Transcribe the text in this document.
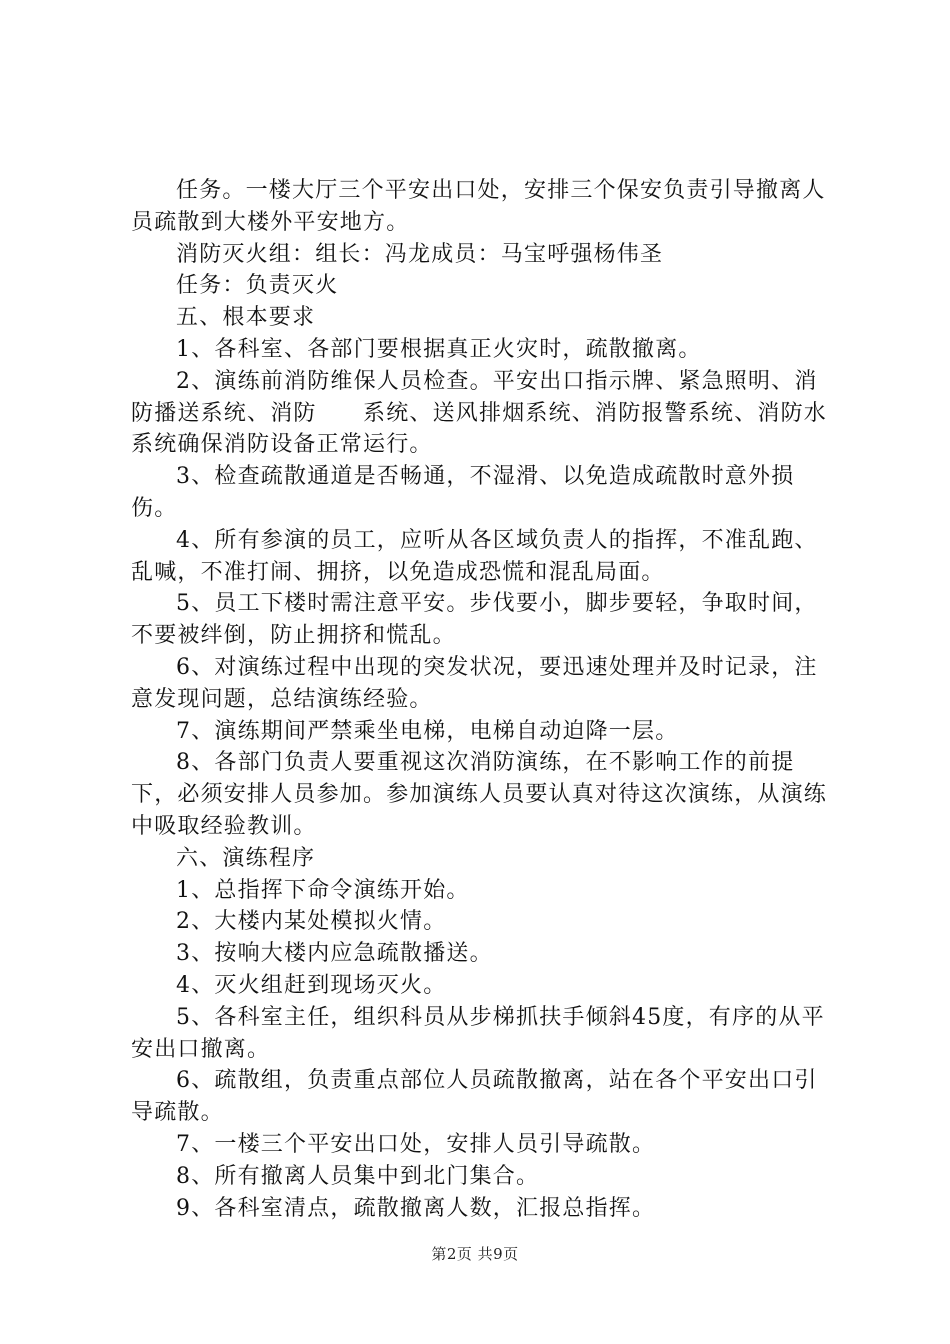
任务。一楼大厅三个平安出口处，安排三个保安负责引导撤离人员疏散到大楼外平安地方。

消防灭火组：组长：冯龙成员：马宝呼强杨伟圣

任务：负责灭火

五、根本要求

1、各科室、各部门要根据真正火灾时，疏散撤离。

2、演练前消防维保人员检查。平安出口指示牌、紧急照明、消防播送系统、消防　　系统、送风排烟系统、消防报警系统、消防水系统确保消防设备正常运行。

3、检查疏散通道是否畅通，不湿滑、以免造成疏散时意外损伤。

4、所有参演的员工，应听从各区域负责人的指挥，不准乱跑、乱喊，不准打闹、拥挤，以免造成恐慌和混乱局面。

5、员工下楼时需注意平安。步伐要小，脚步要轻，争取时间，不要被绊倒，防止拥挤和慌乱。

6、对演练过程中出现的突发状况，要迅速处理并及时记录，注意发现问题，总结演练经验。

7、演练期间严禁乘坐电梯，电梯自动迫降一层。

8、各部门负责人要重视这次消防演练，在不影响工作的前提下，必须安排人员参加。参加演练人员要认真对待这次演练，从演练中吸取经验教训。

六、演练程序

1、总指挥下命令演练开始。

2、大楼内某处模拟火情。

3、按响大楼内应急疏散播送。

4、灭火组赶到现场灭火。

5、各科室主任，组织科员从步梯抓扶手倾斜45度，有序的从平安出口撤离。

6、疏散组，负责重点部位人员疏散撤离，站在各个平安出口引导疏散。

7、一楼三个平安出口处，安排人员引导疏散。

8、所有撤离人员集中到北门集合。

9、各科室清点，疏散撤离人数，汇报总指挥。

第2页 共9页
